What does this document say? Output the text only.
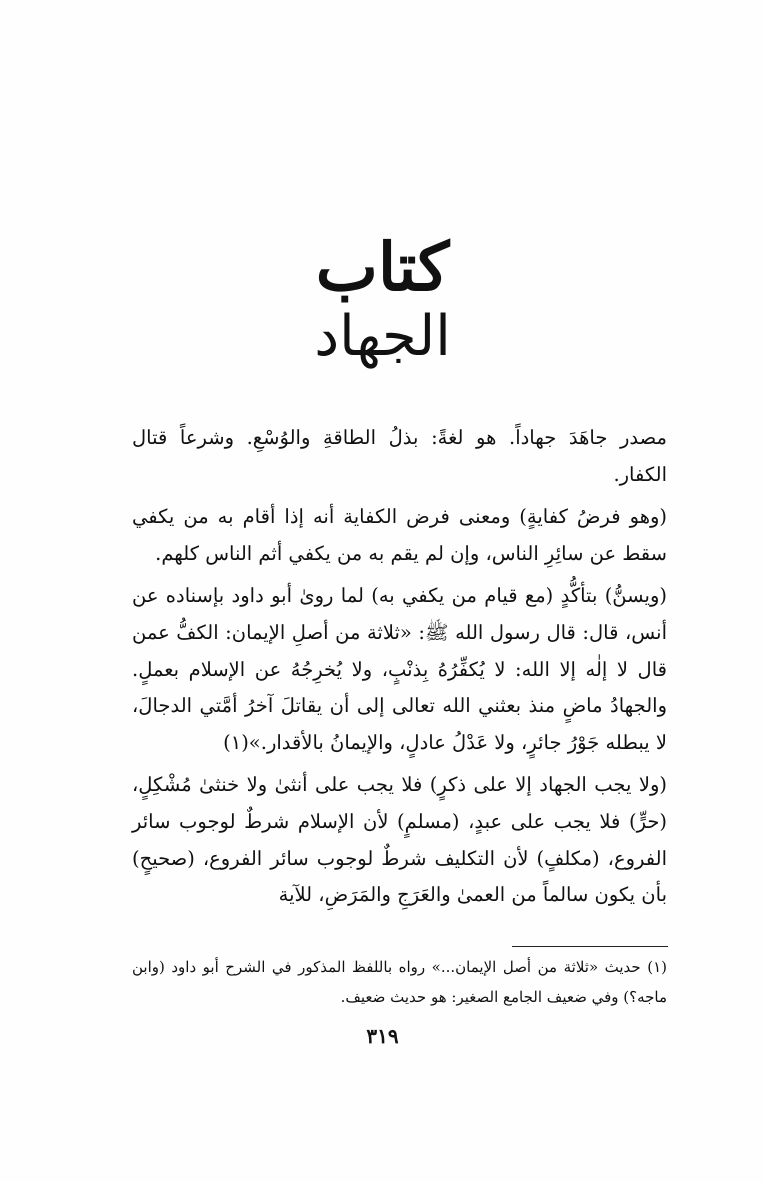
كتاب
الجهاد

مصدر جاهَدَ جهاداً. هو لغةً: بذلُ الطاقةِ والوُسْعِ. وشرعاً قتال الكفار.

(وهو فرضُ كفايةٍ) ومعنى فرض الكفاية أنه إذا أقام به من يكفي سقط عن سائِرِ الناس، وإن لم يقم به من يكفي أثم الناس كلهم.

(ويسنُّ) بتأكُّدٍ (مع قيام من يكفي به) لما روىٰ أبو داود بإسناده عن أنس، قال: قال رسول الله ﷺ: «ثلاثة من أصلِ الإيمان: الكفُّ عمن قال لا إلٰه إلا الله: لا يُكفِّرُهُ بِذنْبٍ، ولا يُخرِجُهُ عن الإسلام بعملٍ. والجهادُ ماضٍ منذ بعثني الله تعالى إلى أن يقاتلَ آخرُ أمَّتي الدجالَ، لا يبطله جَوْرُ جائرٍ، ولا عَدْلُ عادلٍ، والإيمانُ بالأقدار.»(١)

(ولا يجب الجهاد إلا على ذكرٍ) فلا يجب على أنثىٰ ولا خنثىٰ مُشْكِلٍ، (حرٍّ) فلا يجب على عبدٍ، (مسلمٍ) لأن الإسلام شرطٌ لوجوب سائر الفروع، (مكلفٍ) لأن التكليف شرطٌ لوجوب سائر الفروع، (صحيحٍ) بأن يكون سالماً من العمىٰ والعَرَجِ والمَرَضِ، للآية

(١) حديث «ثلاثة من أصل الإيمان...» رواه باللفظ المذكور في الشرح أبو داود (وابن ماجه؟) وفي ضعيف الجامع الصغير: هو حديث ضعيف.

٣١٩
